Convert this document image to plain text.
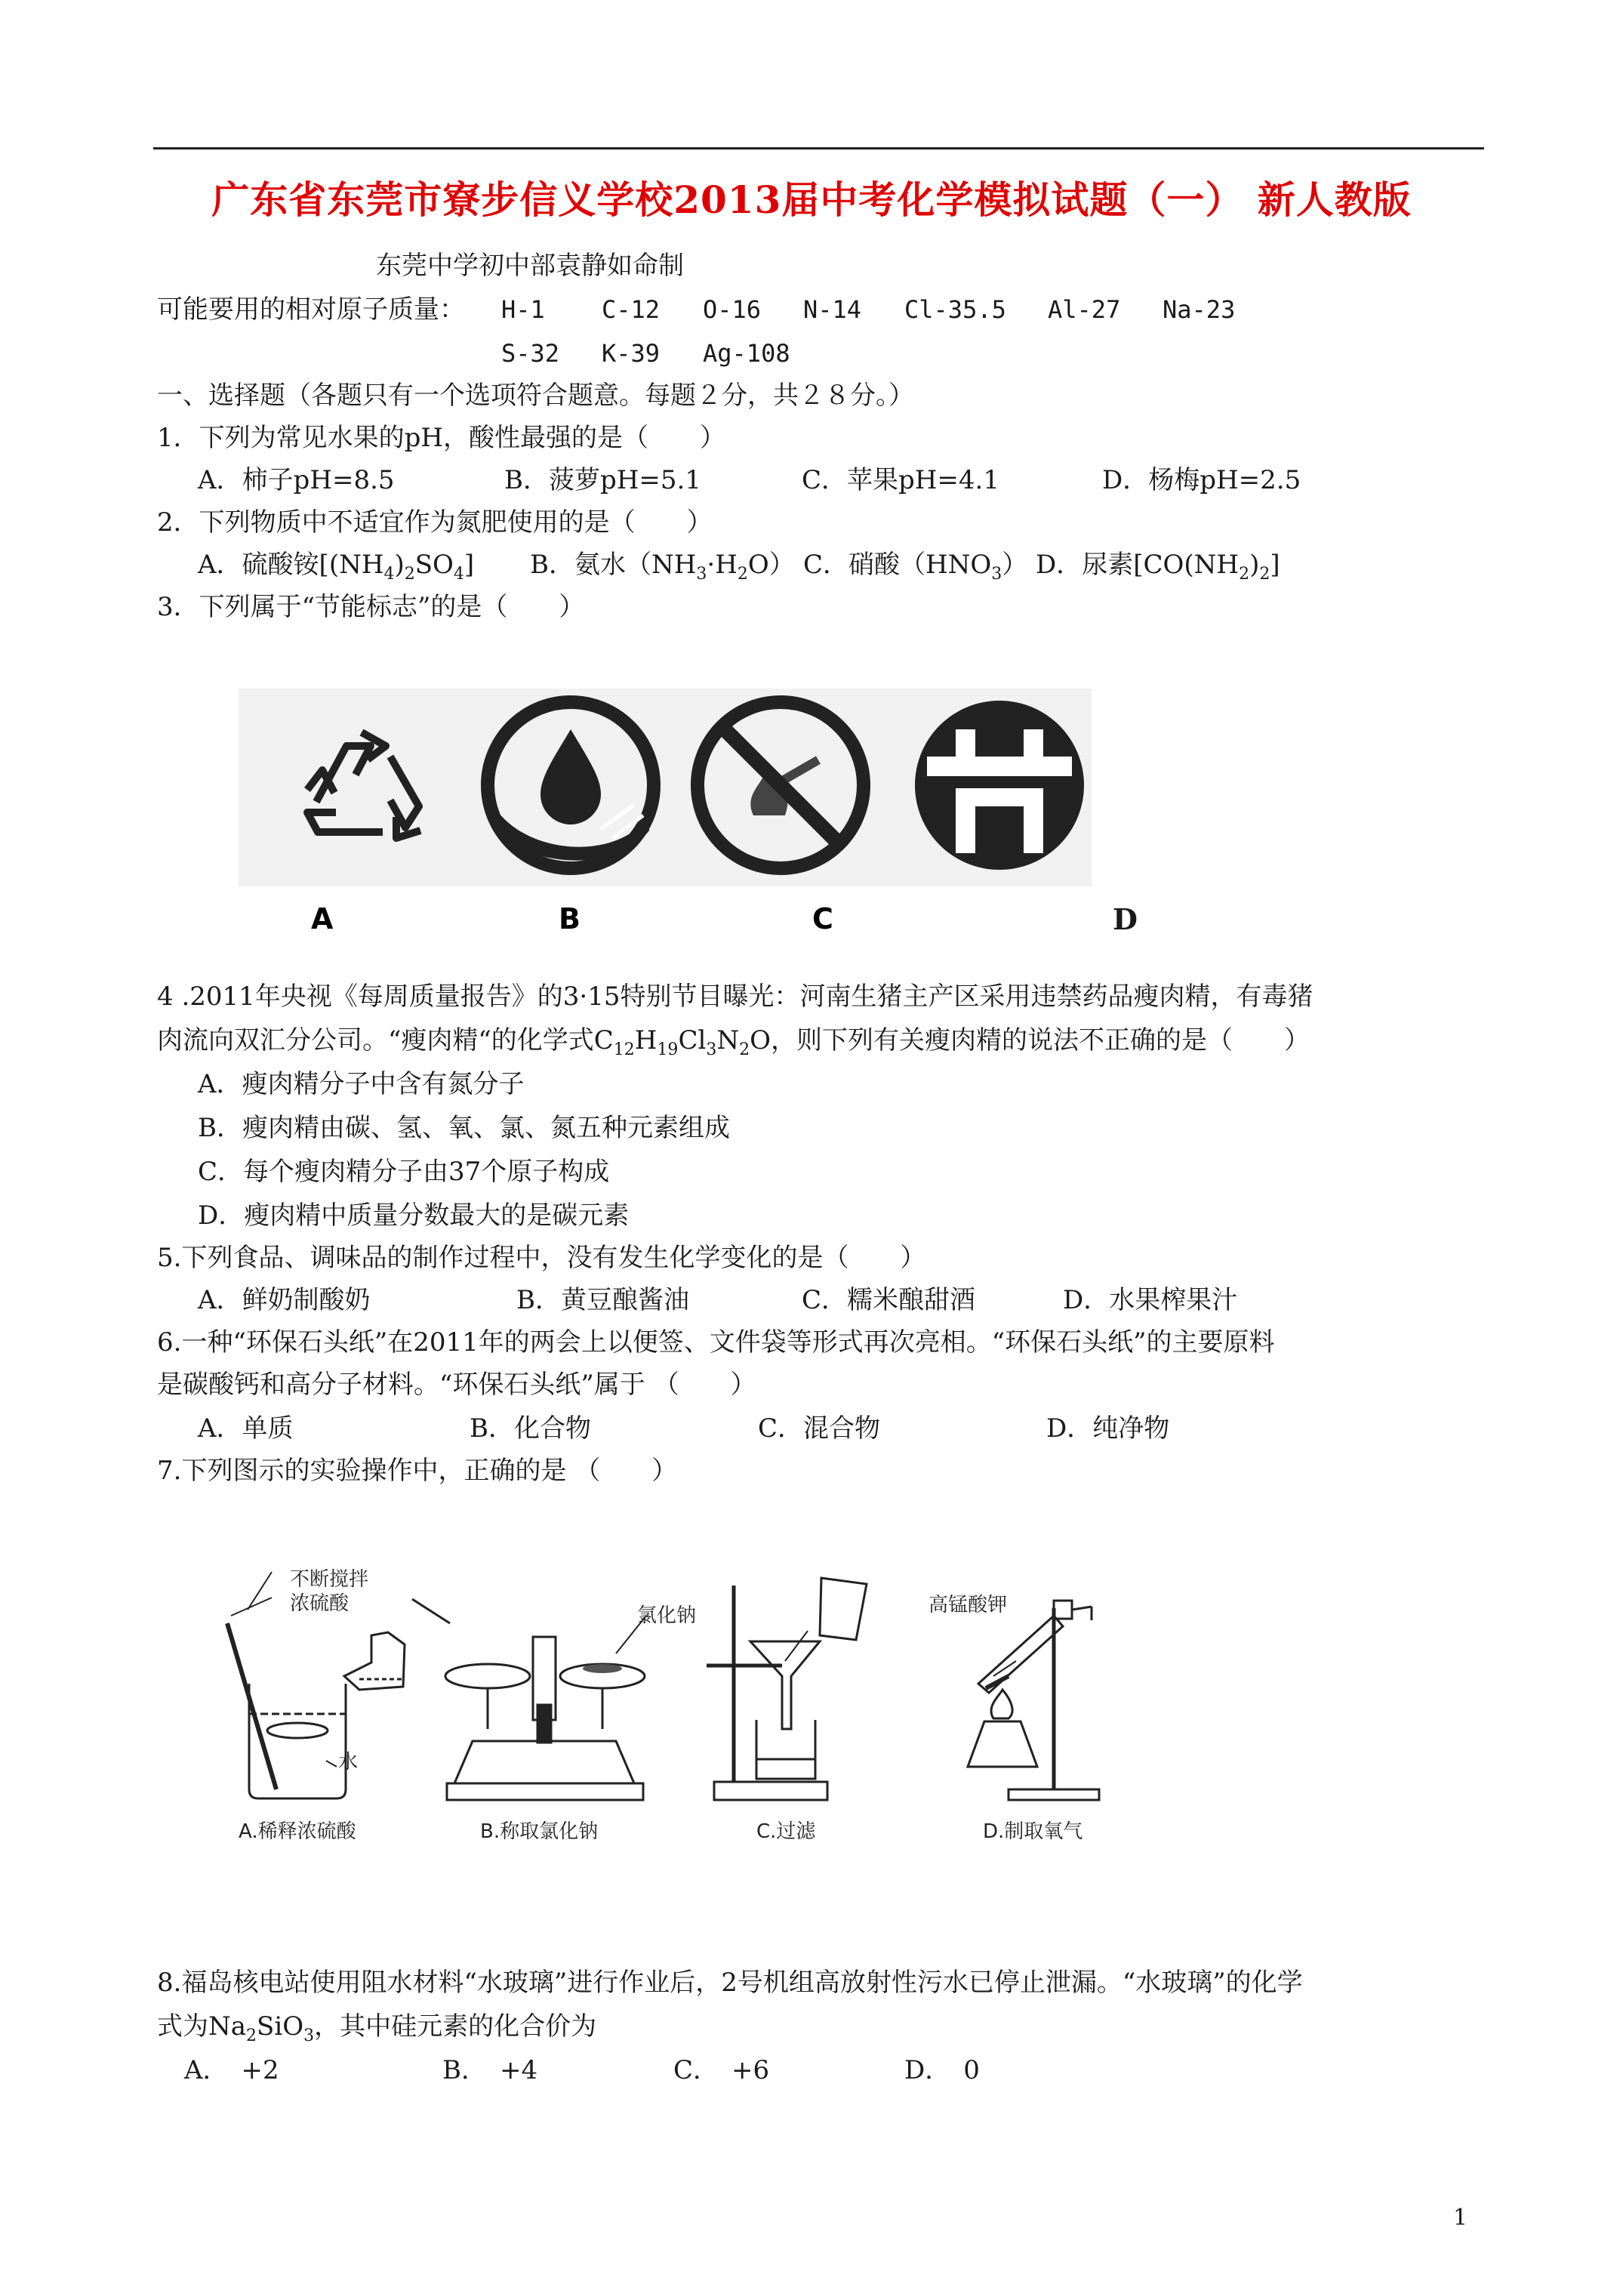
广东省东莞市寮步信义学校2013届中考化学模拟试题（一） 新人教版
东莞中学初中部袁静如命制
可能要用的相对原子质量： H-1 C-12 O-16 N-14 Cl-35.5 Al-27 Na-23
S-32 K-39 Ag-108
一、选择题（各题只有一个选项符合题意。每题２分，共２８分。）
1．下列为常见水果的pH，酸性最强的是（　　）
A．柿子pH=8.5	B．菠萝pH=5.1	C．苹果pH=4.1	D．杨梅pH=2.5
2．下列物质中不适宜作为氮肥使用的是（　　）
A．硫酸铵$[(NH_4)_2SO_4]$ B．氨水$(NH_3\cdot H_2O)$ C．硝酸$(HNO_3)$ D．尿素$[CO(NH_2)_2]$
3．下列属于“节能标志”的是（　　）
A	B	C	D
4 .2011年央视《每周质量报告》的3·15特别节目曝光：河南生猪主产区采用违禁药品瘦肉精，有毒猪
肉流向双汇分公司。“瘦肉精“的化学式$C_{12}H_{19}Cl_3N_2O$，则下列有关瘦肉精的说法不正确的是（　　）
A．瘦肉精分子中含有氮分子
B．瘦肉精由碳、氢、氧、氯、氮五种元素组成
C．每个瘦肉精分子由37个原子构成
D．瘦肉精中质量分数最大的是碳元素
5.下列食品、调味品的制作过程中，没有发生化学变化的是（　　）
A．鲜奶制酸奶	B．黄豆酿酱油	C．糯米酿甜酒	D．水果榨果汁
6.一种“环保石头纸”在2011年的两会上以便签、文件袋等形式再次亮相。“环保石头纸”的主要原料
是碳酸钙和高分子材料。“环保石头纸”属于 （　　）
A．单质	B．化合物	C．混合物	D．纯净物
7.下列图示的实验操作中，正确的是 （　　）
不断搅拌
浓硫酸
水
A.稀释浓硫酸
氯化钠
B.称取氯化钠	C.过滤
高锰酸钾
D.制取氧气
8.福岛核电站使用阻水材料“水玻璃”进行作业后，2号机组高放射性污水已停止泄漏。“水玻璃”的化学
式为$Na_2SiO_3$，其中硅元素的化合价为
A．　+2	B．　+4	C．　+6	D．　0
1
